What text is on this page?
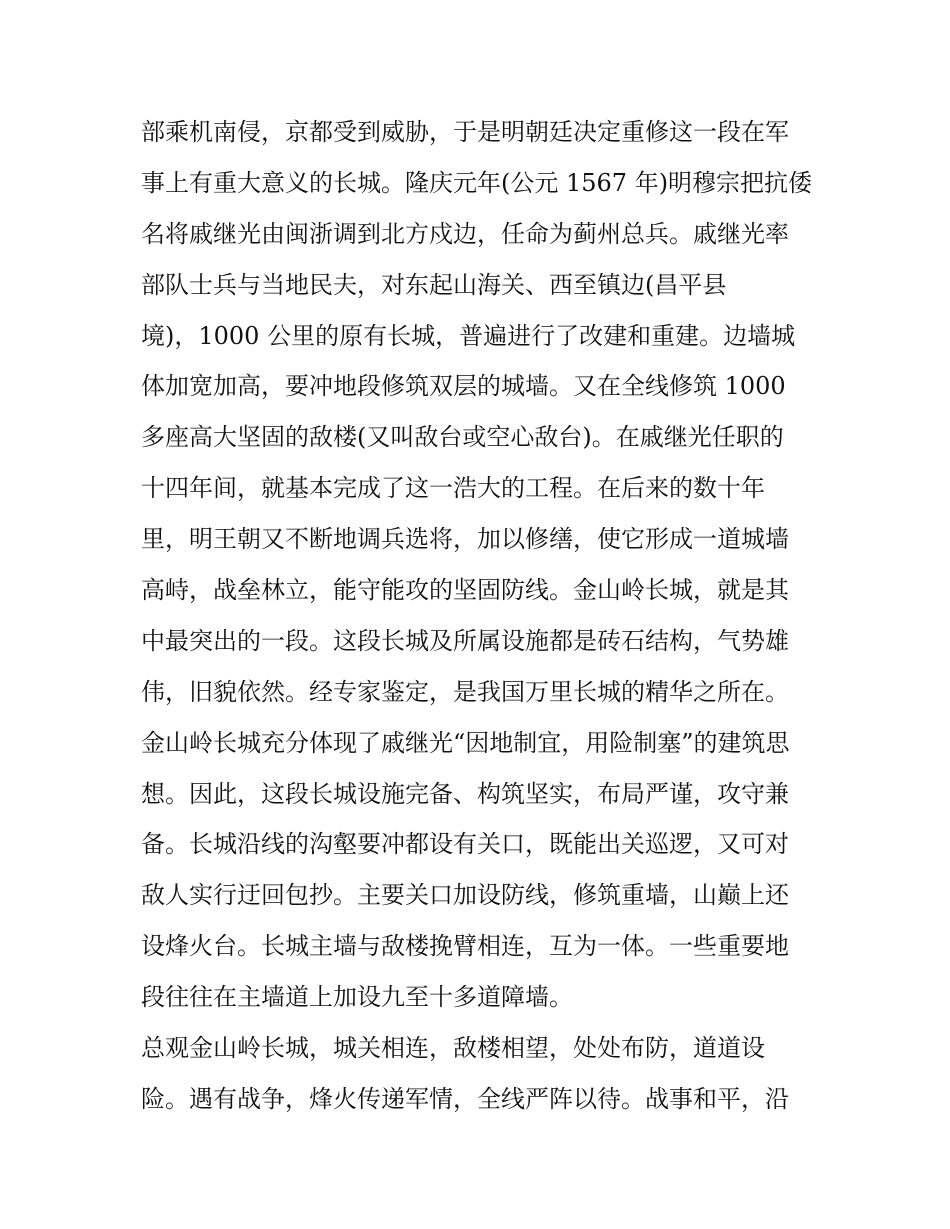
部乘机南侵，京都受到威胁，于是明朝廷决定重修这一段在军
事上有重大意义的长城。隆庆元年(公元 1567 年)明穆宗把抗倭
名将戚继光由闽浙调到北方戍边，任命为蓟州总兵。戚继光率
部队士兵与当地民夫，对东起山海关、西至镇边(昌平县
境)，1000 公里的原有长城，普遍进行了改建和重建。边墙城
体加宽加高，要冲地段修筑双层的城墙。又在全线修筑 1000
多座高大坚固的敌楼(又叫敌台或空心敌台)。在戚继光任职的
十四年间，就基本完成了这一浩大的工程。在后来的数十年
里，明王朝又不断地调兵选将，加以修缮，使它形成一道城墙
高峙，战垒林立，能守能攻的坚固防线。金山岭长城，就是其
中最突出的一段。这段长城及所属设施都是砖石结构，气势雄
伟，旧貌依然。经专家鉴定，是我国万里长城的精华之所在。
金山岭长城充分体现了戚继光“因地制宜，用险制塞”的建筑思
想。因此，这段长城设施完备、构筑坚实，布局严谨，攻守兼
备。长城沿线的沟壑要冲都设有关口，既能出关巡逻，又可对
敌人实行迂回包抄。主要关口加设防线，修筑重墙，山巅上还
设烽火台。长城主墙与敌楼挽臂相连，互为一体。一些重要地
段往往在主墙道上加设九至十多道障墙。
总观金山岭长城，城关相连，敌楼相望，处处布防，道道设
险。遇有战争，烽火传递军情，全线严阵以待。战事和平，沿
